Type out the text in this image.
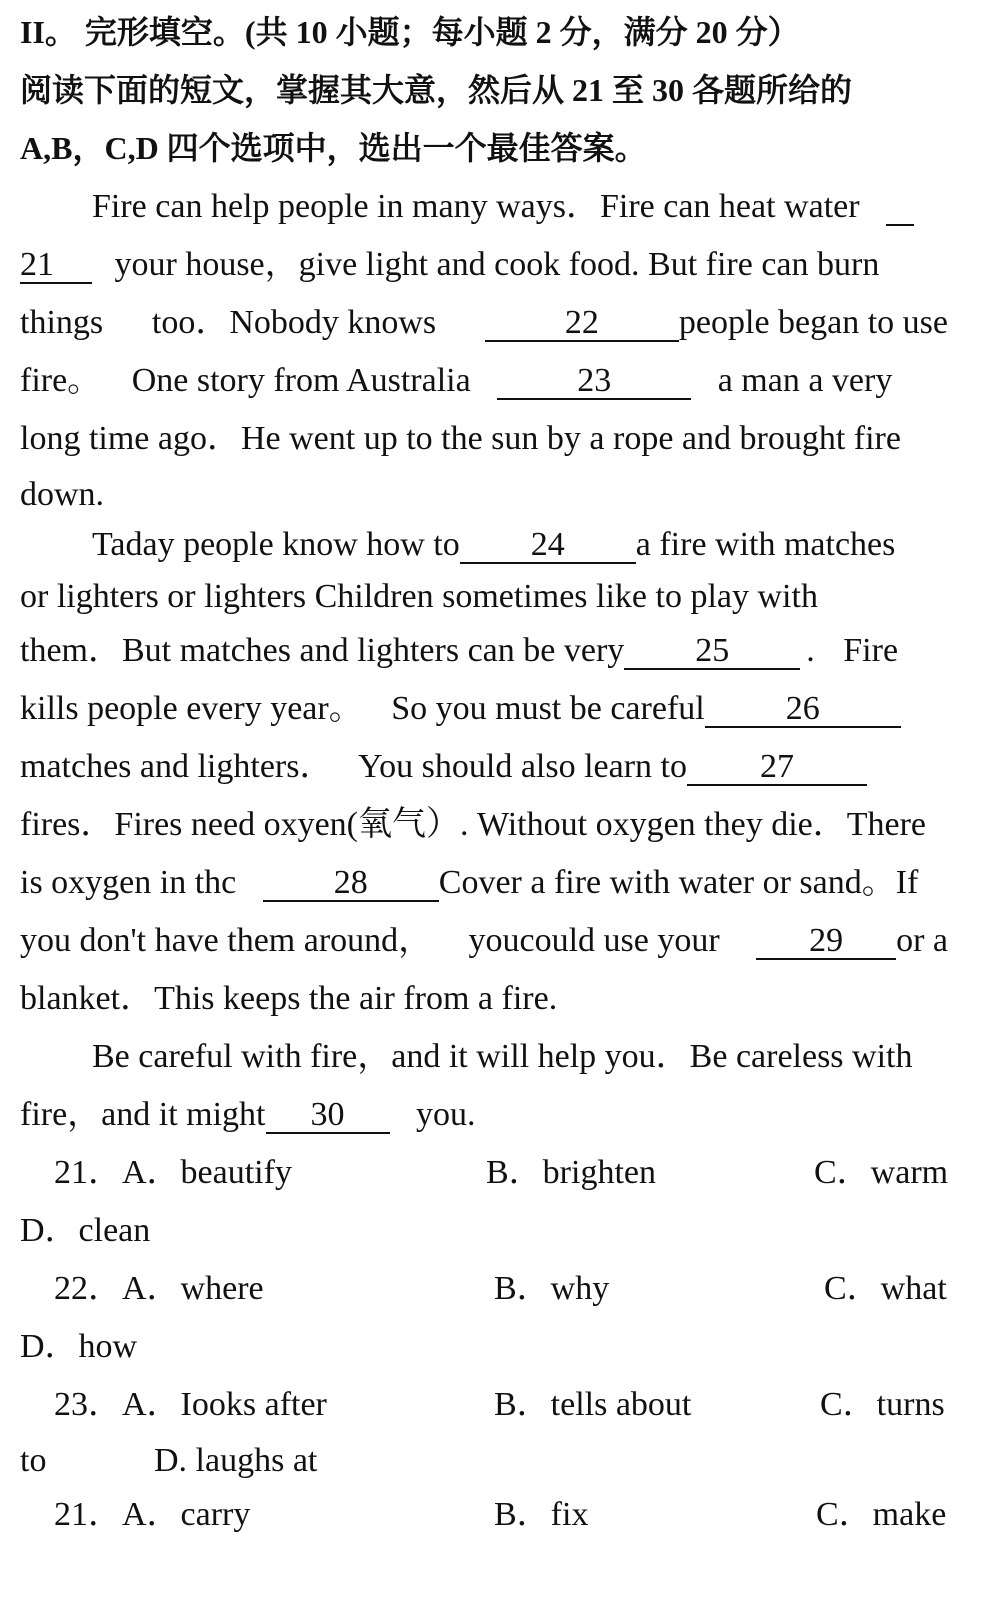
II。 完形填空。(共 10 小题；每小题 2 分，满分 20 分）
阅读下面的短文，掌握其大意，然后从 21 至 30 各题所给的
A,B，C,D 四个选项中，选出一个最佳答案。
Fire can help people in many ways．Fire can heat water
21 your house，give light and cook food. But fire can burn
things too．Nobody knows	22 people began to use
fire。 One story from Australia	23	a man a very
long time ago．He went up to the sun by a rope and brought fire
down.
Taday people know how to 24 a fire with matches
or lighters or lighters Children sometimes like to play with
them．But matches and lighters can be very 25 . Fire
kills people every year。 So you must be careful 26
matches and lighters． You should also learn to 27
fires．Fires need oxyen(氧气）. Without oxygen they die．There
is oxygen in thc	28 Cover a fire with water or sand。If
you don't have them around， youcould use your	29 or a
blanket．This keeps the air from a fire.
Be careful with fire，and it will help you．Be careless with
fire，and it might 30 you.
21．A．beautify	B．brighten	C．warm
D．clean
22．A．where	B．why	C．what
D．how
23．A．Iooks after	B．tells about	C．turns
to	D. laughs at
21．A．carry	B．fix	C．make
